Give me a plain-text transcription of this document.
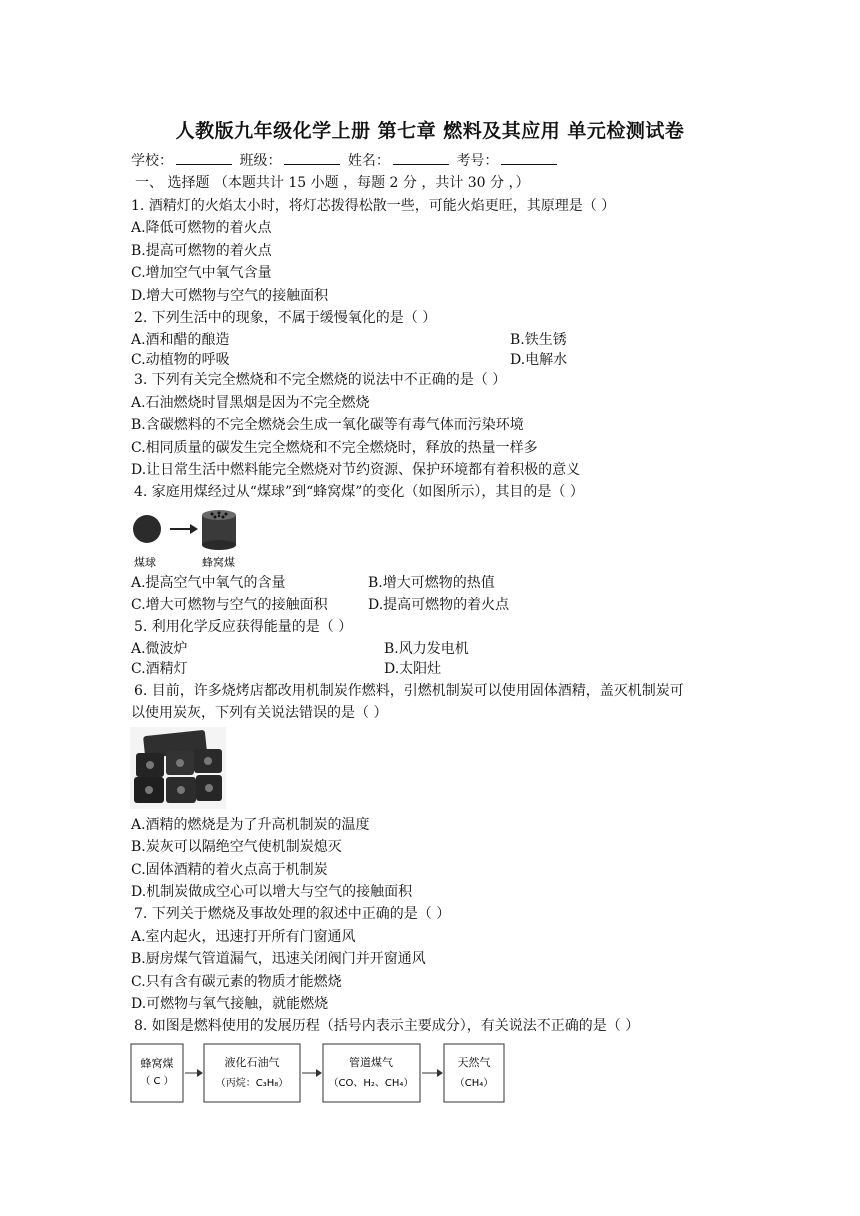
人教版九年级化学上册 第七章 燃料及其应用 单元检测试卷
学校：	班级：	姓名：	考号：
一、 选择题 （本题共计 15 小题 ，每题 2 分 ，共计 30 分 ，）
1. 酒精灯的火焰太小时，将灯芯拨得松散一些，可能火焰更旺，其原理是（ ）
A.降低可燃物的着火点
B.提高可燃物的着火点
C.增加空气中氧气含量
D.增大可燃物与空气的接触面积
2. 下列生活中的现象，不属于缓慢氧化的是（ ）
A.酒和醋的酿造	B.铁生锈
C.动植物的呼吸	D.电解水
3. 下列有关完全燃烧和不完全燃烧的说法中不正确的是（ ）
A.石油燃烧时冒黑烟是因为不完全燃烧
B.含碳燃料的不完全燃烧会生成一氧化碳等有毒气体而污染环境
C.相同质量的碳发生完全燃烧和不完全燃烧时，释放的热量一样多
D.让日常生活中燃料能完全燃烧对节约资源、保护环境都有着积极的意义
4. 家庭用煤经过从“煤球”到“蜂窝煤”的变化（如图所示），其目的是（ ）
煤球	蜂窝煤
A.提高空气中氧气的含量	B.增大可燃物的热值
C.增大可燃物与空气的接触面积	D.提高可燃物的着火点
5. 利用化学反应获得能量的是（ ）
A.微波炉	B.风力发电机
C.酒精灯	D.太阳灶
6. 目前，许多烧烤店都改用机制炭作燃料，引燃机制炭可以使用固体酒精，盖灭机制炭可
以使用炭灰，下列有关说法错误的是（ ）
A.酒精的燃烧是为了升高机制炭的温度
B.炭灰可以隔绝空气使机制炭熄灭
C.固体酒精的着火点高于机制炭
D.机制炭做成空心可以增大与空气的接触面积
7. 下列关于燃烧及事故处理的叙述中正确的是（ ）
A.室内起火，迅速打开所有门窗通风
B.厨房煤气管道漏气，迅速关闭阀门并开窗通风
C.只有含有碳元素的物质才能燃烧
D.可燃物与氧气接触，就能燃烧
8. 如图是燃料使用的发展历程（括号内表示主要成分），有关说法不正确的是（ ）
蜂窝煤
（ C ）
液化石油气
（丙烷：C₃H₈）
管道煤气
（CO、H₂、CH₄）
天然气
（CH₄）
